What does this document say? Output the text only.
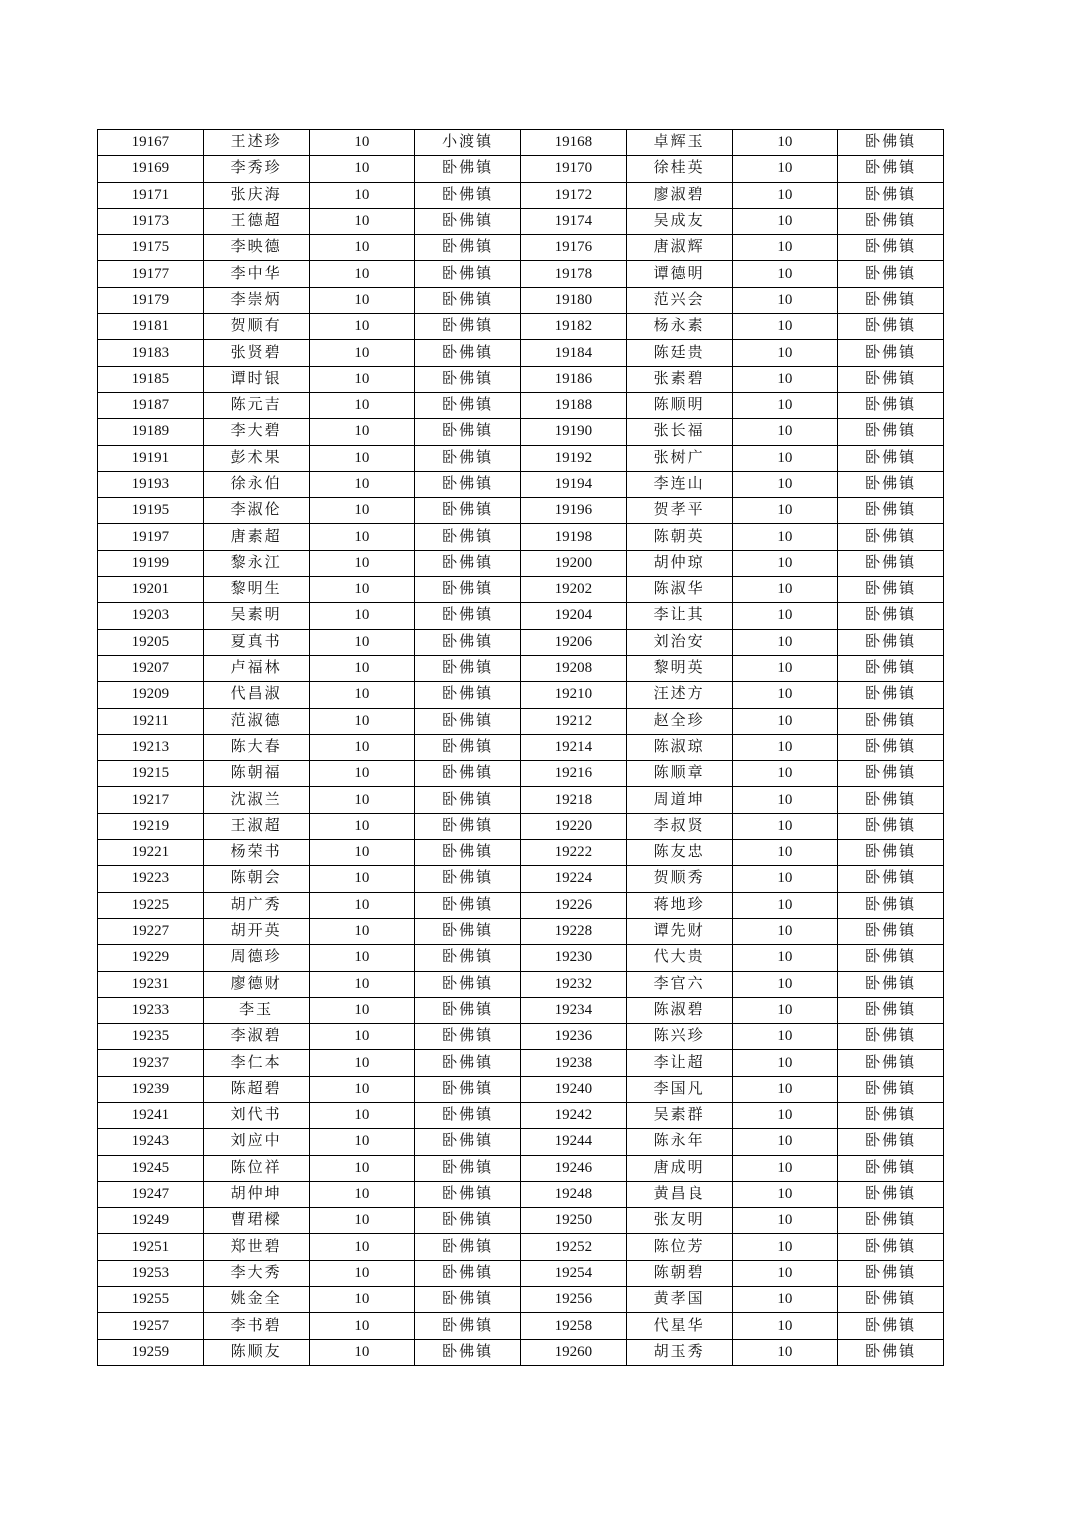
19167	王述珍	10	小渡镇	19168	卓辉玉	10	卧佛镇
19169	李秀珍	10	卧佛镇	19170	徐桂英	10	卧佛镇
19171	张庆海	10	卧佛镇	19172	廖淑碧	10	卧佛镇
19173	王德超	10	卧佛镇	19174	吴成友	10	卧佛镇
19175	李映德	10	卧佛镇	19176	唐淑辉	10	卧佛镇
19177	李中华	10	卧佛镇	19178	谭德明	10	卧佛镇
19179	李崇炳	10	卧佛镇	19180	范兴会	10	卧佛镇
19181	贺顺有	10	卧佛镇	19182	杨永素	10	卧佛镇
19183	张贤碧	10	卧佛镇	19184	陈廷贵	10	卧佛镇
19185	谭时银	10	卧佛镇	19186	张素碧	10	卧佛镇
19187	陈元吉	10	卧佛镇	19188	陈顺明	10	卧佛镇
19189	李大碧	10	卧佛镇	19190	张长福	10	卧佛镇
19191	彭术果	10	卧佛镇	19192	张树广	10	卧佛镇
19193	徐永伯	10	卧佛镇	19194	李连山	10	卧佛镇
19195	李淑伦	10	卧佛镇	19196	贺孝平	10	卧佛镇
19197	唐素超	10	卧佛镇	19198	陈朝英	10	卧佛镇
19199	黎永江	10	卧佛镇	19200	胡仲琼	10	卧佛镇
19201	黎明生	10	卧佛镇	19202	陈淑华	10	卧佛镇
19203	吴素明	10	卧佛镇	19204	李让其	10	卧佛镇
19205	夏真书	10	卧佛镇	19206	刘治安	10	卧佛镇
19207	卢福林	10	卧佛镇	19208	黎明英	10	卧佛镇
19209	代昌淑	10	卧佛镇	19210	汪述方	10	卧佛镇
19211	范淑德	10	卧佛镇	19212	赵全珍	10	卧佛镇
19213	陈大春	10	卧佛镇	19214	陈淑琼	10	卧佛镇
19215	陈朝福	10	卧佛镇	19216	陈顺章	10	卧佛镇
19217	沈淑兰	10	卧佛镇	19218	周道坤	10	卧佛镇
19219	王淑超	10	卧佛镇	19220	李叔贤	10	卧佛镇
19221	杨荣书	10	卧佛镇	19222	陈友忠	10	卧佛镇
19223	陈朝会	10	卧佛镇	19224	贺顺秀	10	卧佛镇
19225	胡广秀	10	卧佛镇	19226	蒋地珍	10	卧佛镇
19227	胡开英	10	卧佛镇	19228	谭先财	10	卧佛镇
19229	周德珍	10	卧佛镇	19230	代大贵	10	卧佛镇
19231	廖德财	10	卧佛镇	19232	李官六	10	卧佛镇
19233	李玉	10	卧佛镇	19234	陈淑碧	10	卧佛镇
19235	李淑碧	10	卧佛镇	19236	陈兴珍	10	卧佛镇
19237	李仁本	10	卧佛镇	19238	李让超	10	卧佛镇
19239	陈超碧	10	卧佛镇	19240	李国凡	10	卧佛镇
19241	刘代书	10	卧佛镇	19242	吴素群	10	卧佛镇
19243	刘应中	10	卧佛镇	19244	陈永年	10	卧佛镇
19245	陈位祥	10	卧佛镇	19246	唐成明	10	卧佛镇
19247	胡仲坤	10	卧佛镇	19248	黄昌良	10	卧佛镇
19249	曹珺樑	10	卧佛镇	19250	张友明	10	卧佛镇
19251	郑世碧	10	卧佛镇	19252	陈位芳	10	卧佛镇
19253	李大秀	10	卧佛镇	19254	陈朝碧	10	卧佛镇
19255	姚金全	10	卧佛镇	19256	黄孝国	10	卧佛镇
19257	李书碧	10	卧佛镇	19258	代星华	10	卧佛镇
19259	陈顺友	10	卧佛镇	19260	胡玉秀	10	卧佛镇
